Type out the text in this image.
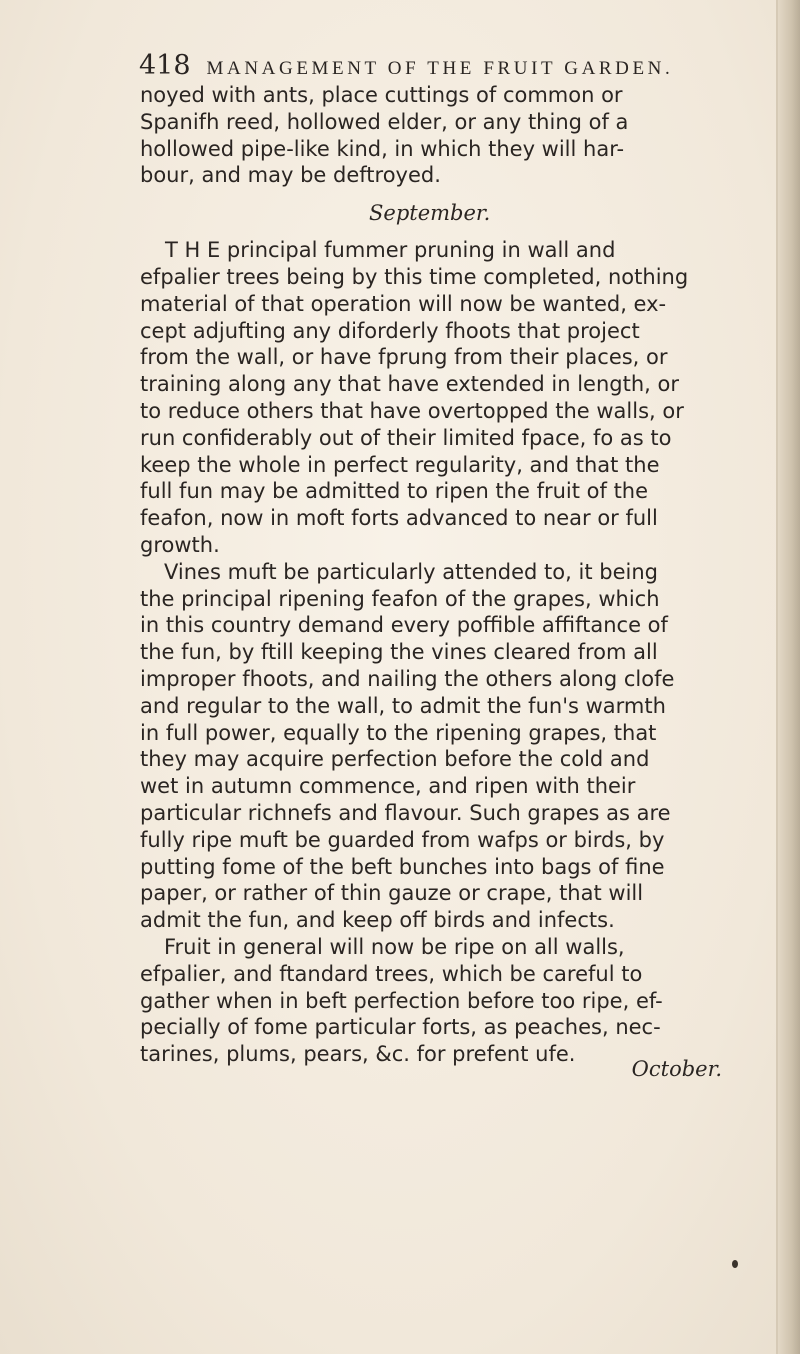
418 MANAGEMENT OF THE FRUIT GARDEN.
noyed with ants, place cuttings of common or
Spanifh reed, hollowed elder, or any thing of a
hollowed pipe-like kind, in which they will har-
bour, and may be deftroyed.
September.
T H E principal fummer pruning in wall and
efpalier trees being by this time completed, nothing
material of that operation will now be wanted, ex-
cept adjufting any diforderly fhoots that project
from the wall, or have fprung from their places, or
training along any that have extended in length, or
to reduce others that have overtopped the walls, or
run confiderably out of their limited fpace, fo as to
keep the whole in perfect regularity, and that the
full fun may be admitted to ripen the fruit of the
feafon, now in moft forts advanced to near or full
growth.
Vines muft be particularly attended to, it being
the principal ripening feafon of the grapes, which
in this country demand every poffible affiftance of
the fun, by ftill keeping the vines cleared from all
improper fhoots, and nailing the others along clofe
and regular to the wall, to admit the fun's warmth
in full power, equally to the ripening grapes, that
they may acquire perfection before the cold and
wet in autumn commence, and ripen with their
particular richnefs and flavour. Such grapes as are
fully ripe muft be guarded from wafps or birds, by
putting fome of the beft bunches into bags of fine
paper, or rather of thin gauze or crape, that will
admit the fun, and keep off birds and infects.
Fruit in general will now be ripe on all walls,
efpalier, and ftandard trees, which be careful to
gather when in beft perfection before too ripe, ef-
pecially of fome particular forts, as peaches, nec-
tarines, plums, pears, &c. for prefent ufe.
October.
